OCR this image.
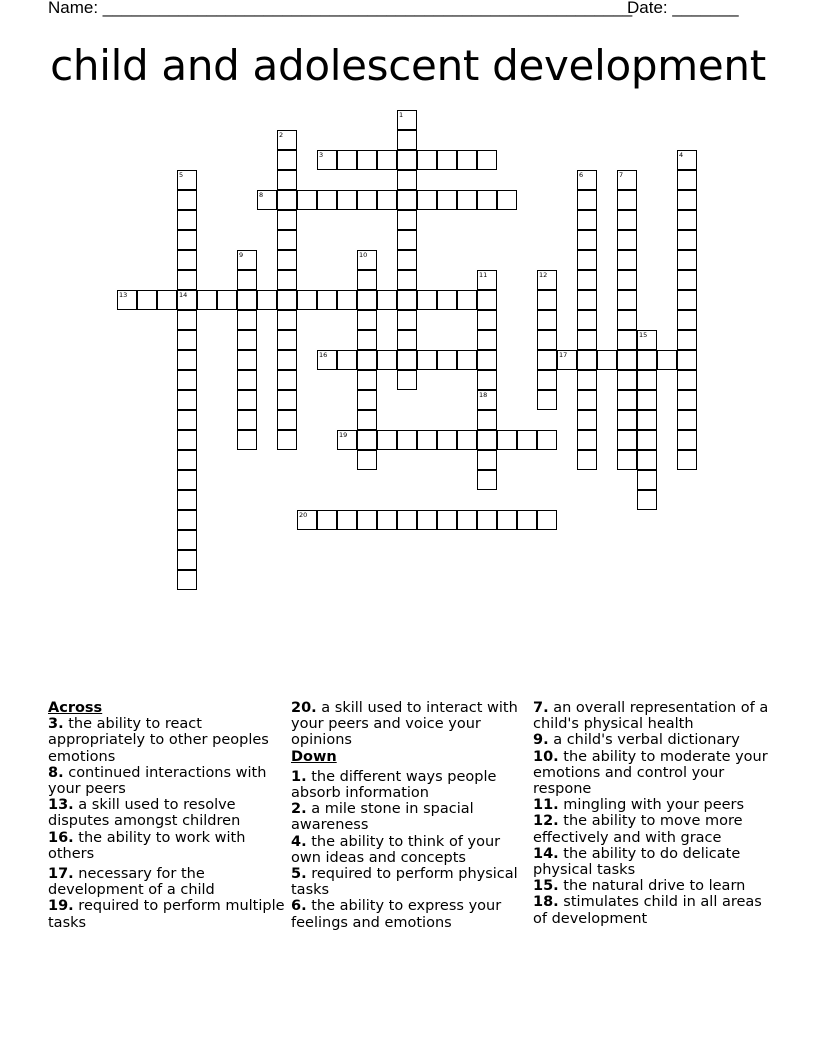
Name: ________________________________________________________
Date: _______
child and adolescent development
1
2
3	4
5	6	7
8
9	10
11	12
13	14
15
16	17
18
19
20
Across
3. the ability to react appropriately to other peoples emotions
8. continued interactions with your peers
13. a skill used to resolve disputes amongst children
16. the ability to work with others
17. necessary for the development of a child
19. required to perform multiple tasks
20. a skill used to interact with your peers and voice your opinions
Down
1. the different ways people absorb information
2. a mile stone in spacial awareness
4. the ability to think of your own ideas and concepts
5. required to perform physical tasks
6. the ability to express your feelings and emotions
7. an overall representation of a child's physical health
9. a child's verbal dictionary
10. the ability to moderate your emotions and control your respone
11. mingling with your peers
12. the ability to move more effectively and with grace
14. the ability to do delicate physical tasks
15. the natural drive to learn
18. stimulates child in all areas of development
